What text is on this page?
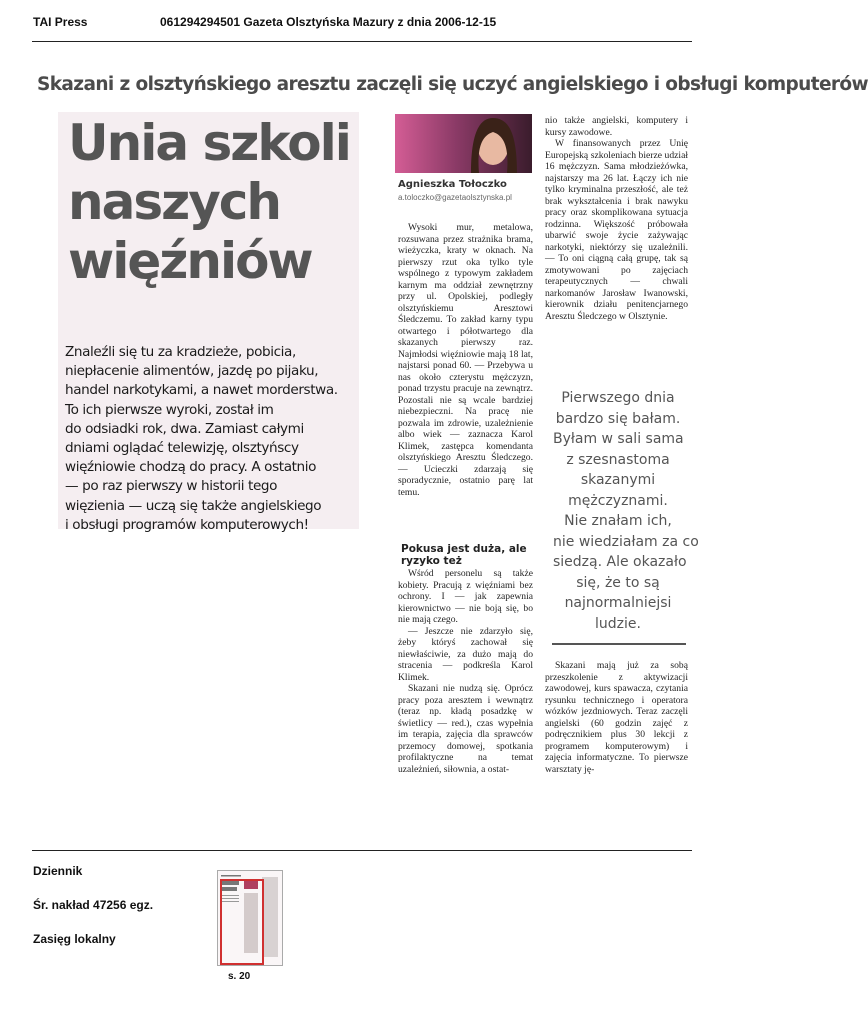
TAI Press	061294294501 Gazeta Olsztyńska Mazury z dnia 2006-12-15
Skazani z olsztyńskiego aresztu zaczęli się uczyć angielskiego i obsługi komputerów
Unia szkoli
naszych
więźniów
Znaleźli się tu za kradzieże, pobicia,
niepłacenie alimentów, jazdę po pijaku,
handel narkotykami, a nawet morderstwa.
To ich pierwsze wyroki, został im
do odsiadki rok, dwa. Zamiast całymi
dniami oglądać telewizję, olsztyńscy
więźniowie chodzą do pracy. A ostatnio
— po raz pierwszy w historii tego
więzienia — uczą się także angielskiego
i obsługi programów komputerowych!
Agnieszka Tołoczko
a.toloczko@gazetaolsztynska.pl

Wysoki mur, metalowa, rozsuwana przez strażnika brama, wieżyczka, kraty w oknach. Na pierwszy rzut oka tylko tyle wspólnego z typowym zakładem karnym ma oddział zewnętrzny przy ul. Opolskiej, podległy olsztyńskiemu Aresztowi Śledczemu. To zakład karny typu otwartego i półotwartego dla skazanych pierwszy raz. Najmłodsi więźniowie mają 18 lat, najstarsi ponad 60. — Przebywa u nas około czterystu mężczyzn, ponad trzystu pracuje na zewnątrz. Pozostali nie są wcale bardziej niebezpieczni. Na pracę nie pozwala im zdrowie, uzależnienie albo wiek — zaznacza Karol Klimek, zastępca komendanta olsztyńskiego Aresztu Śledczego. — Ucieczki zdarzają się sporadycznie, ostatnio parę lat temu.

Pokusa jest duża, ale ryzyko też

Wśród personelu są także kobiety. Pracują z więźniami bez ochrony. I — jak zapewnia kierownictwo — nie boją się, bo nie mają czego.

— Jeszcze nie zdarzyło się, żeby któryś zachował się niewłaściwie, za dużo mają do stracenia — podkreśla Karol Klimek.

Skazani nie nudzą się. Oprócz pracy poza aresztem i wewnątrz (teraz np. kładą posadzkę w świetlicy — red.), czas wypełnia im terapia, zajęcia dla sprawców przemocy domowej, spotkania profilaktyczne na temat uzależnień, siłownia, a ostat-

nio także angielski, komputery i kursy zawodowe.

W finansowanych przez Unię Europejską szkoleniach bierze udział 16 mężczyzn. Sama młodzieżówka, najstarszy ma 26 lat. Łączy ich nie tylko kryminalna przeszłość, ale też brak wykształcenia i brak nawyku pracy oraz skomplikowana sytuacja rodzinna. Większość próbowała ubarwić swoje życie zażywając narkotyki, niektórzy się uzależnili. — To oni ciągną całą grupę, tak są zmotywowani po zajęciach terapeutycznych — chwali narkomanów Jarosław Iwanowski, kierownik działu penitencjarnego Aresztu Śledczego w Olsztynie.

Pierwszego dnia
bardzo się bałam.
Byłam w sali sama
z szesnastoma
skazanymi
mężczyznami.
Nie znałam ich,
nie wiedziałam za co
siedzą. Ale okazało
się, że to są
najnormalniejsi
ludzie.

Skazani mają już za sobą przeszkolenie z aktywizacji zawodowej, kurs spawacza, czytania rysunku technicznego i operatora wózków jezdniowych. Teraz zaczęli angielski (60 godzin zajęć z podręcznikiem plus 30 lekcji z programem komputerowym) i zajęcia informatyczne. To pierwsze warsztaty ję-

Dziennik
Śr. nakład 47256 egz.
Zasięg lokalny
s. 20
